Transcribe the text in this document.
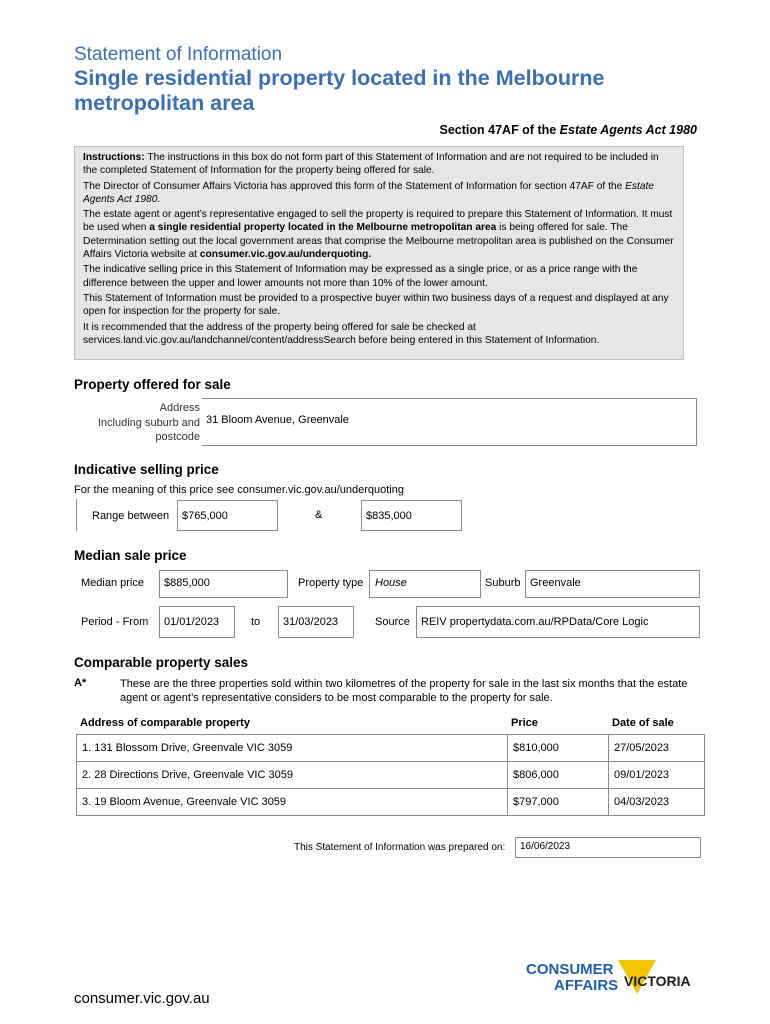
Statement of Information
Single residential property located in the Melbourne metropolitan area
Section 47AF of the Estate Agents Act 1980

Instructions: The instructions in this box do not form part of this Statement of Information and are not required to be included in the completed Statement of Information for the property being offered for sale.

The Director of Consumer Affairs Victoria has approved this form of the Statement of Information for section 47AF of the Estate Agents Act 1980.

The estate agent or agent’s representative engaged to sell the property is required to prepare this Statement of Information. It must be used when a single residential property located in the Melbourne metropolitan area is being offered for sale. The Determination setting out the local government areas that comprise the Melbourne metropolitan area is published on the Consumer Affairs Victoria website at consumer.vic.gov.au/underquoting.

The indicative selling price in this Statement of Information may be expressed as a single price, or as a price range with the difference between the upper and lower amounts not more than 10% of the lower amount.

This Statement of Information must be provided to a prospective buyer within two business days of a request and displayed at any open for inspection for the property for sale.

It is recommended that the address of the property being offered for sale be checked at services.land.vic.gov.au/landchannel/content/addressSearch before being entered in this Statement of Information.

Property offered for sale
Address
Including suburb and
postcode
31 Bloom Avenue, Greenvale
Indicative selling price
For the meaning of this price see consumer.vic.gov.au/underquoting
Range between	$765,000	&	$835,000
Median sale price
Median price	$885,000	Property type	House	Suburb Greenvale
Period - From	01/01/2023	to	31/03/2023	Source	REIV propertydata.com.au/RPData/Core Logic
Comparable property sales
A*	These are the three properties sold within two kilometres of the property for sale in the last six months that the estate agent or agent’s representative considers to be most comparable to the property for sale.
Address of comparable property	Price	Date of sale
1. 131 Blossom Drive, Greenvale VIC 3059	$810,000	27/05/2023
2. 28 Directions Drive, Greenvale VIC 3059	$806,000	09/01/2023
3. 19 Bloom Avenue, Greenvale VIC 3059	$797,000	04/03/2023
This Statement of Information was prepared on:	16/06/2023
CONSUMER
AFFAIRS VICTORIA
consumer.vic.gov.au
